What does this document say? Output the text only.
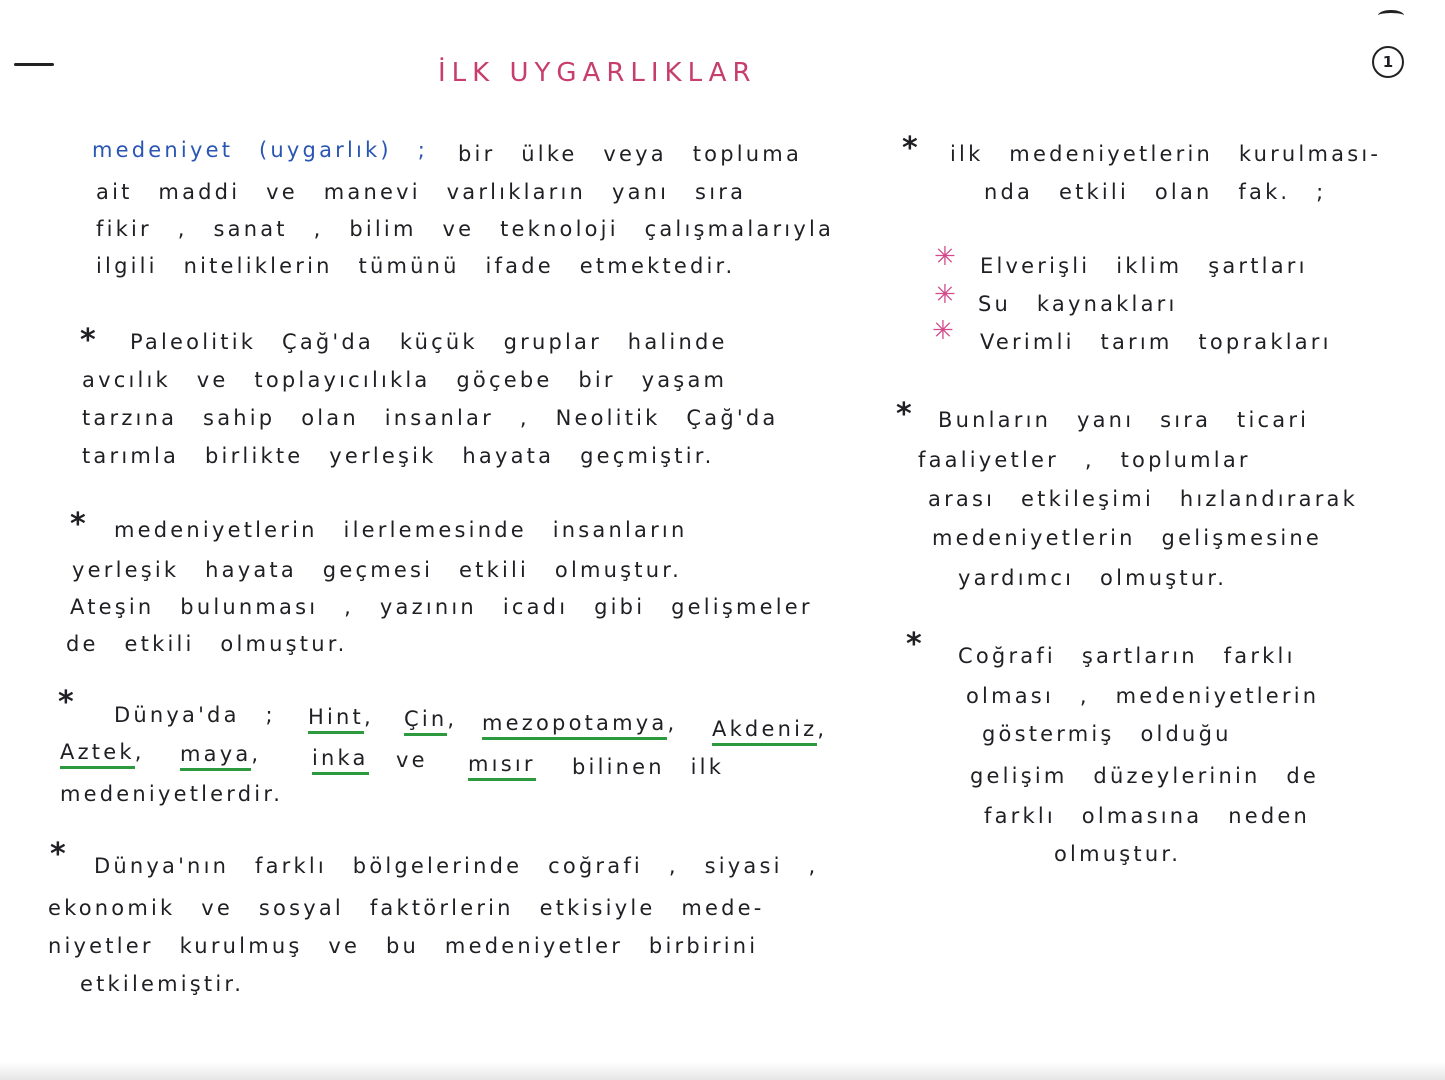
İLK UYGARLIKLAR	1
medeniyet (uygarlık) ; bir ülke veya topluma
ait maddi ve manevi varlıkların yanı sıra
fikir , sanat , bilim ve teknoloji çalışmalarıyla
ilgili niteliklerin tümünü ifade etmektedir.
* Paleolitik Çağ'da küçük gruplar halinde
avcılık ve toplayıcılıkla göçebe bir yaşam
tarzına sahip olan insanlar , Neolitik Çağ'da
tarımla birlikte yerleşik hayata geçmiştir.
* medeniyetlerin ilerlemesinde insanların
yerleşik hayata geçmesi etkili olmuştur.
Ateşin bulunması , yazının icadı gibi gelişmeler
de etkili olmuştur.
* Dünya'da ; Hint, Çin, mezopotamya, Akdeniz,
Aztek, maya, inka ve mısır bilinen ilk
medeniyetlerdir.
* Dünya'nın farklı bölgelerinde coğrafi , siyasi ,
ekonomik ve sosyal faktörlerin etkisiyle mede-
niyetler kurulmuş ve bu medeniyetler birbirini
etkilemiştir.
* ilk medeniyetlerin kurulması-
nda etkili olan fak. ;
✳ Elverişli iklim şartları
✳ Su kaynakları
✳ Verimli tarım toprakları
* Bunların yanı sıra ticari
faaliyetler , toplumlar
arası etkileşimi hızlandırarak
medeniyetlerin gelişmesine
yardımcı olmuştur.
* Coğrafi şartların farklı
olması , medeniyetlerin
göstermiş olduğu
gelişim düzeylerinin de
farklı olmasına neden
olmuştur.
